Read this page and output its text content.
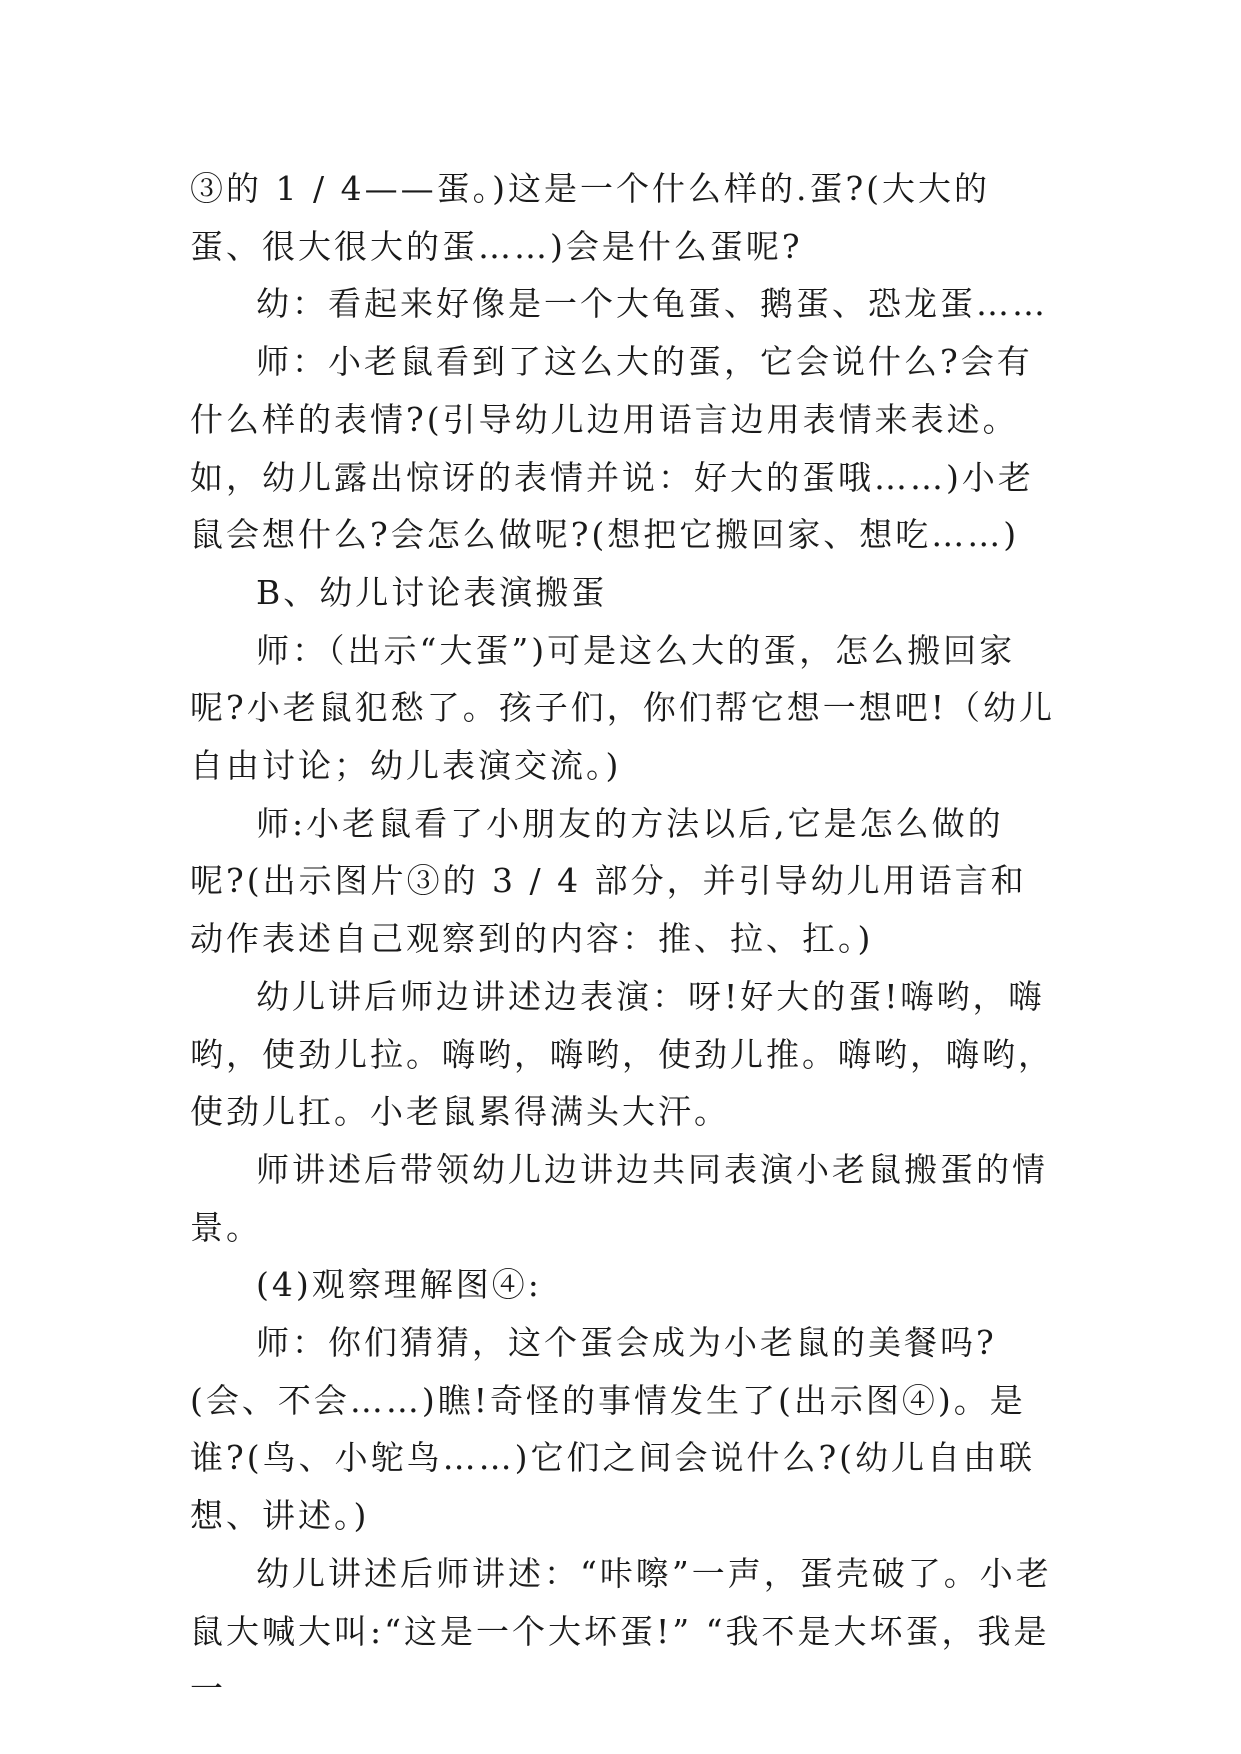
③的 1 / 4——蛋。)这是一个什么样的.蛋?(大大的蛋、很大很大的蛋……)会是什么蛋呢?

幼：看起来好像是一个大龟蛋、鹅蛋、恐龙蛋……

师：小老鼠看到了这么大的蛋，它会说什么?会有什么样的表情?(引导幼儿边用语言边用表情来表述。如，幼儿露出惊讶的表情并说：好大的蛋哦……)小老鼠会想什么?会怎么做呢?(想把它搬回家、想吃……)

B、幼儿讨论表演搬蛋

师：（出示“大蛋”)可是这么大的蛋，怎么搬回家呢?小老鼠犯愁了。孩子们，你们帮它想一想吧!（幼儿自由讨论；幼儿表演交流。)

师:小老鼠看了小朋友的方法以后,它是怎么做的呢?(出示图片③的 3 / 4 部分，并引导幼儿用语言和动作表述自己观察到的内容：推、拉、扛。)

幼儿讲后师边讲述边表演：呀!好大的蛋!嗨哟，嗨哟，使劲儿拉。嗨哟，嗨哟，使劲儿推。嗨哟，嗨哟，使劲儿扛。小老鼠累得满头大汗。

师讲述后带领幼儿边讲边共同表演小老鼠搬蛋的情景。

(4)观察理解图④:

师：你们猜猜，这个蛋会成为小老鼠的美餐吗?(会、不会……)瞧!奇怪的事情发生了(出示图④)。是谁?(鸟、小鸵鸟……)它们之间会说什么?(幼儿自由联想、讲述。)

幼儿讲述后师讲述：“咔嚓”一声，蛋壳破了。小老鼠大喊大叫:“这是一个大坏蛋!” “我不是大坏蛋，我是一
